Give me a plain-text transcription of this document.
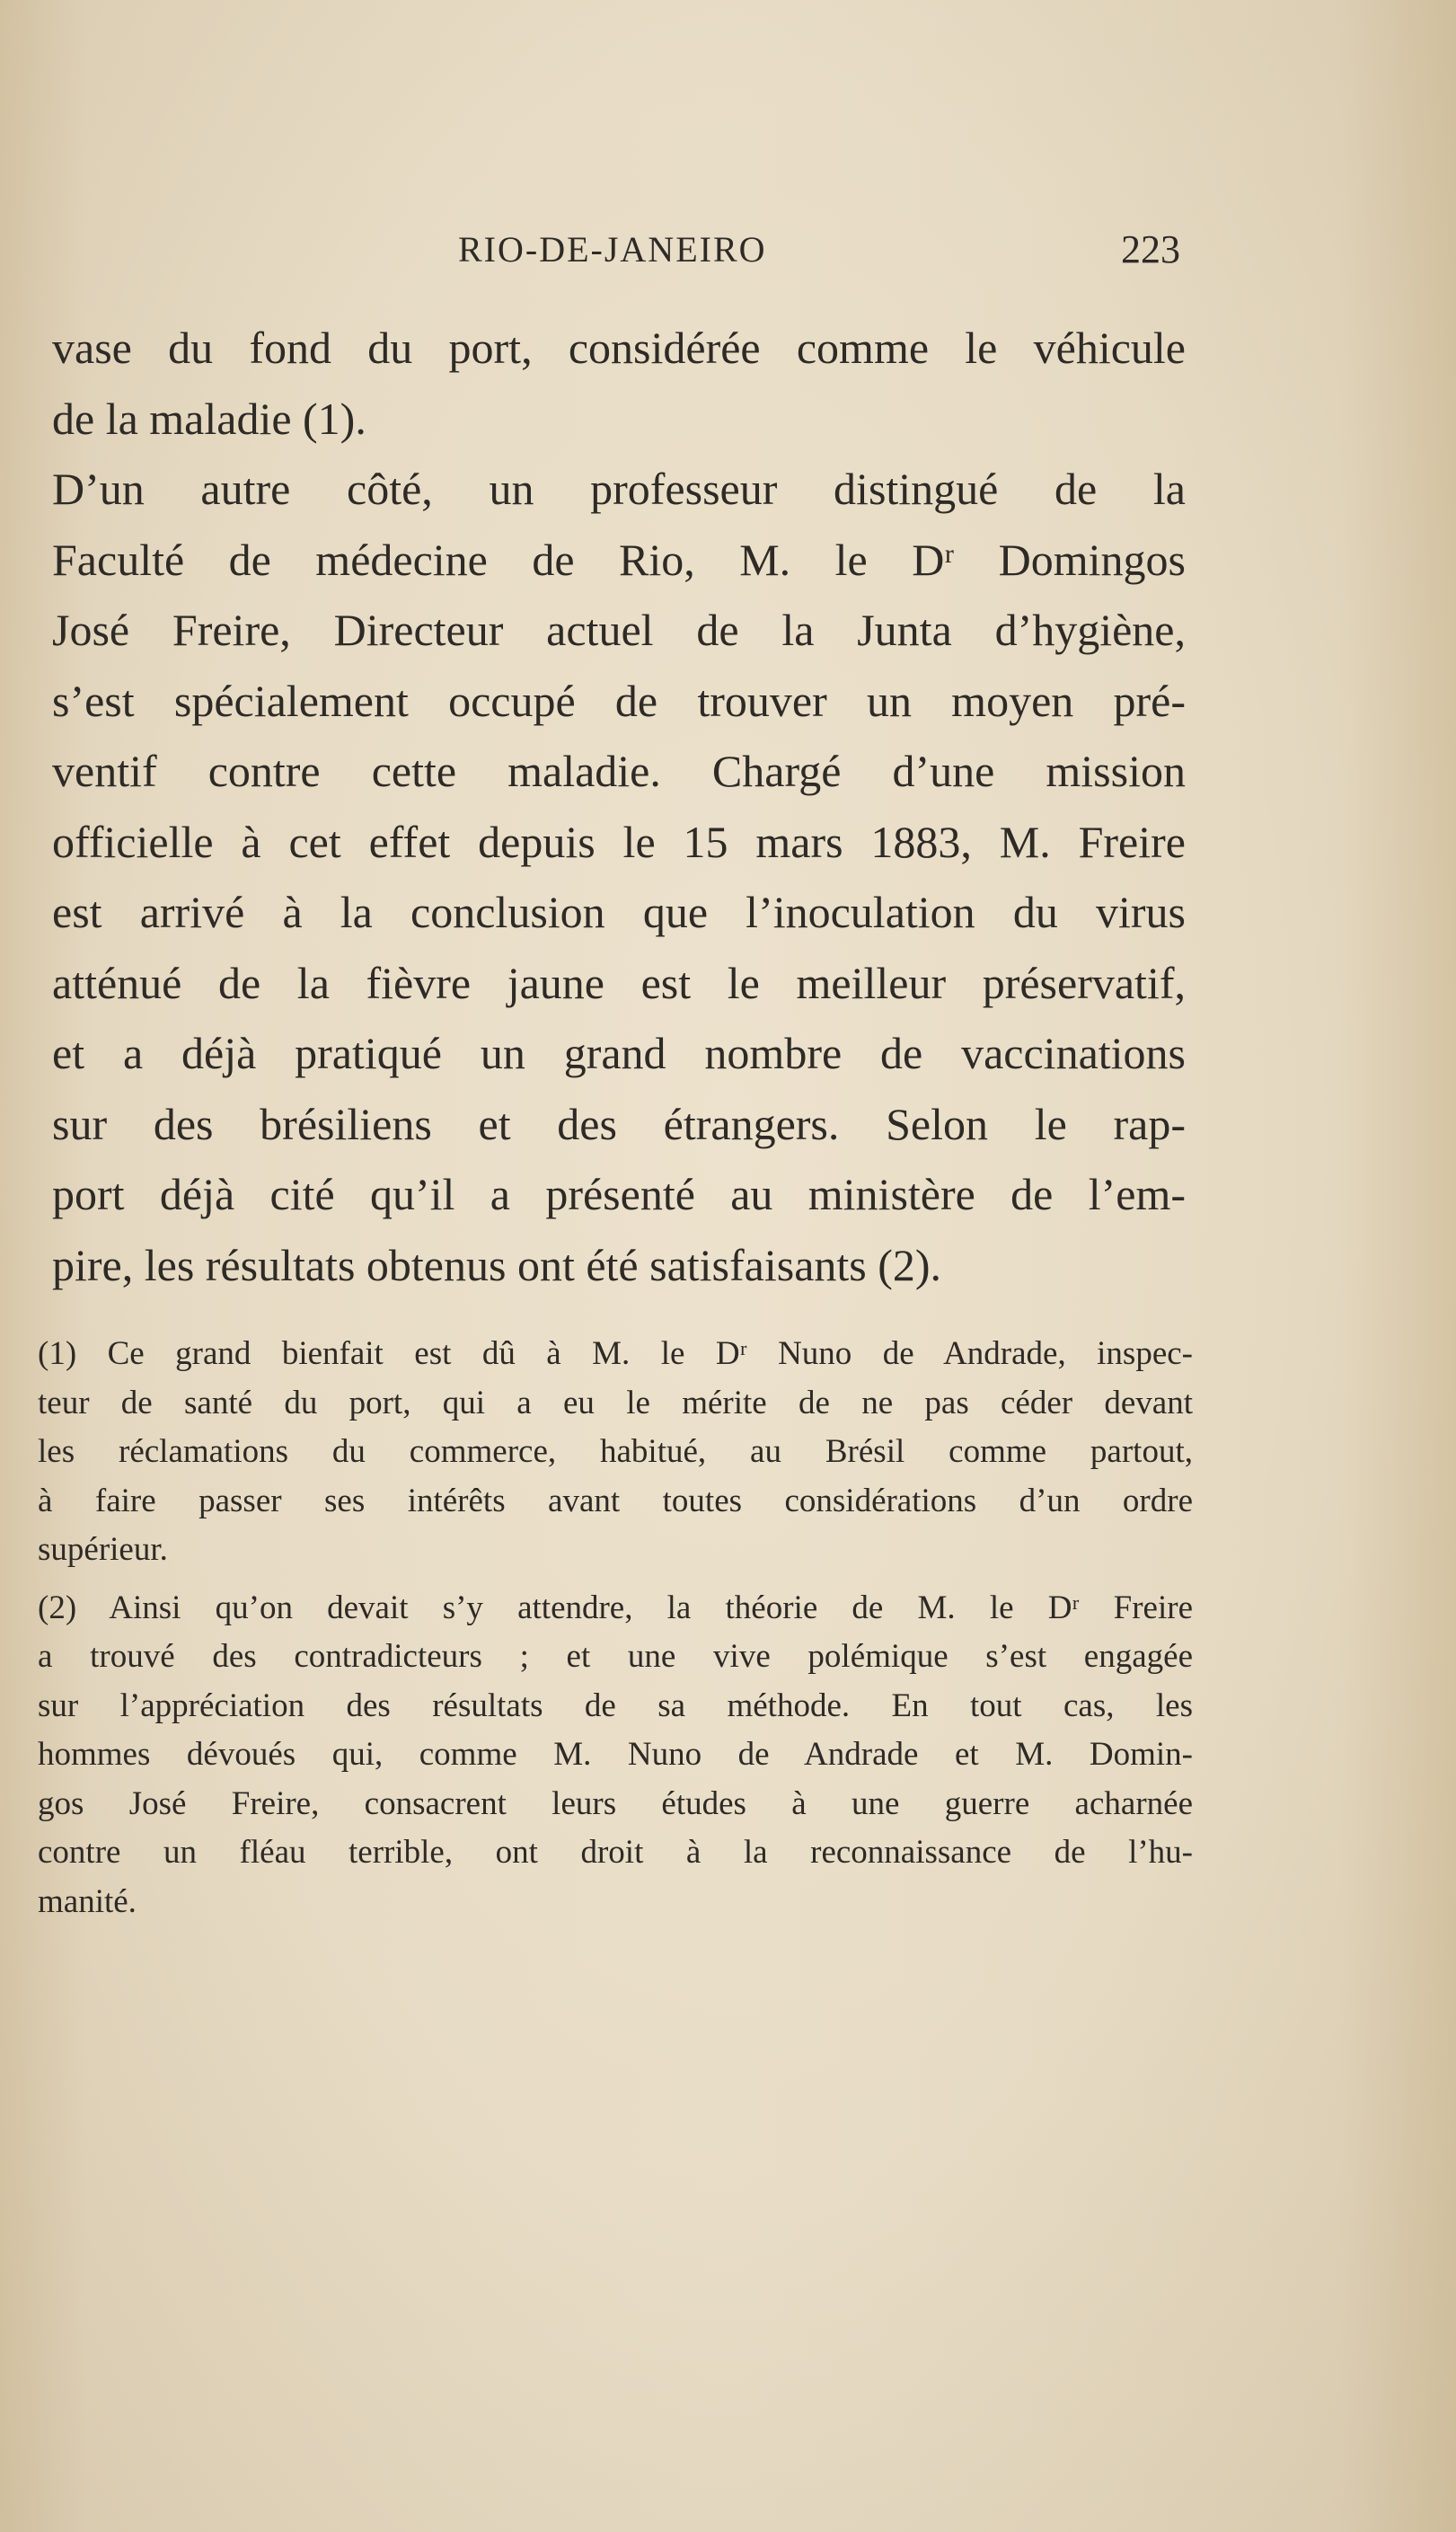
RIO-DE-JANEIRO	223
vase du fond du port, considérée comme le véhicule
de la maladie (1).
D’un autre côté, un professeur distingué de la
Faculté de médecine de Rio, M. le Dʳ Domingos
José Freire, Directeur actuel de la Junta d’hygiène,
s’est spécialement occupé de trouver un moyen pré-
ventif contre cette maladie. Chargé d’une mission
officielle à cet effet depuis le 15 mars 1883, M. Freire
est arrivé à la conclusion que l’inoculation du virus
atténué de la fièvre jaune est le meilleur préservatif,
et a déjà pratiqué un grand nombre de vaccinations
sur des brésiliens et des étrangers. Selon le rap-
port déjà cité qu’il a présenté au ministère de l’em-
pire, les résultats obtenus ont été satisfaisants (2).
(1) Ce grand bienfait est dû à M. le Dʳ Nuno de Andrade, inspec-
teur de santé du port, qui a eu le mérite de ne pas céder devant
les réclamations du commerce, habitué, au Brésil comme partout,
à faire passer ses intérêts avant toutes considérations d’un ordre
supérieur.
(2) Ainsi qu’on devait s’y attendre, la théorie de M. le Dʳ Freire
a trouvé des contradicteurs ; et une vive polémique s’est engagée
sur l’appréciation des résultats de sa méthode. En tout cas, les
hommes dévoués qui, comme M. Nuno de Andrade et M. Domin-
gos José Freire, consacrent leurs études à une guerre acharnée
contre un fléau terrible, ont droit à la reconnaissance de l’hu-
manité.
